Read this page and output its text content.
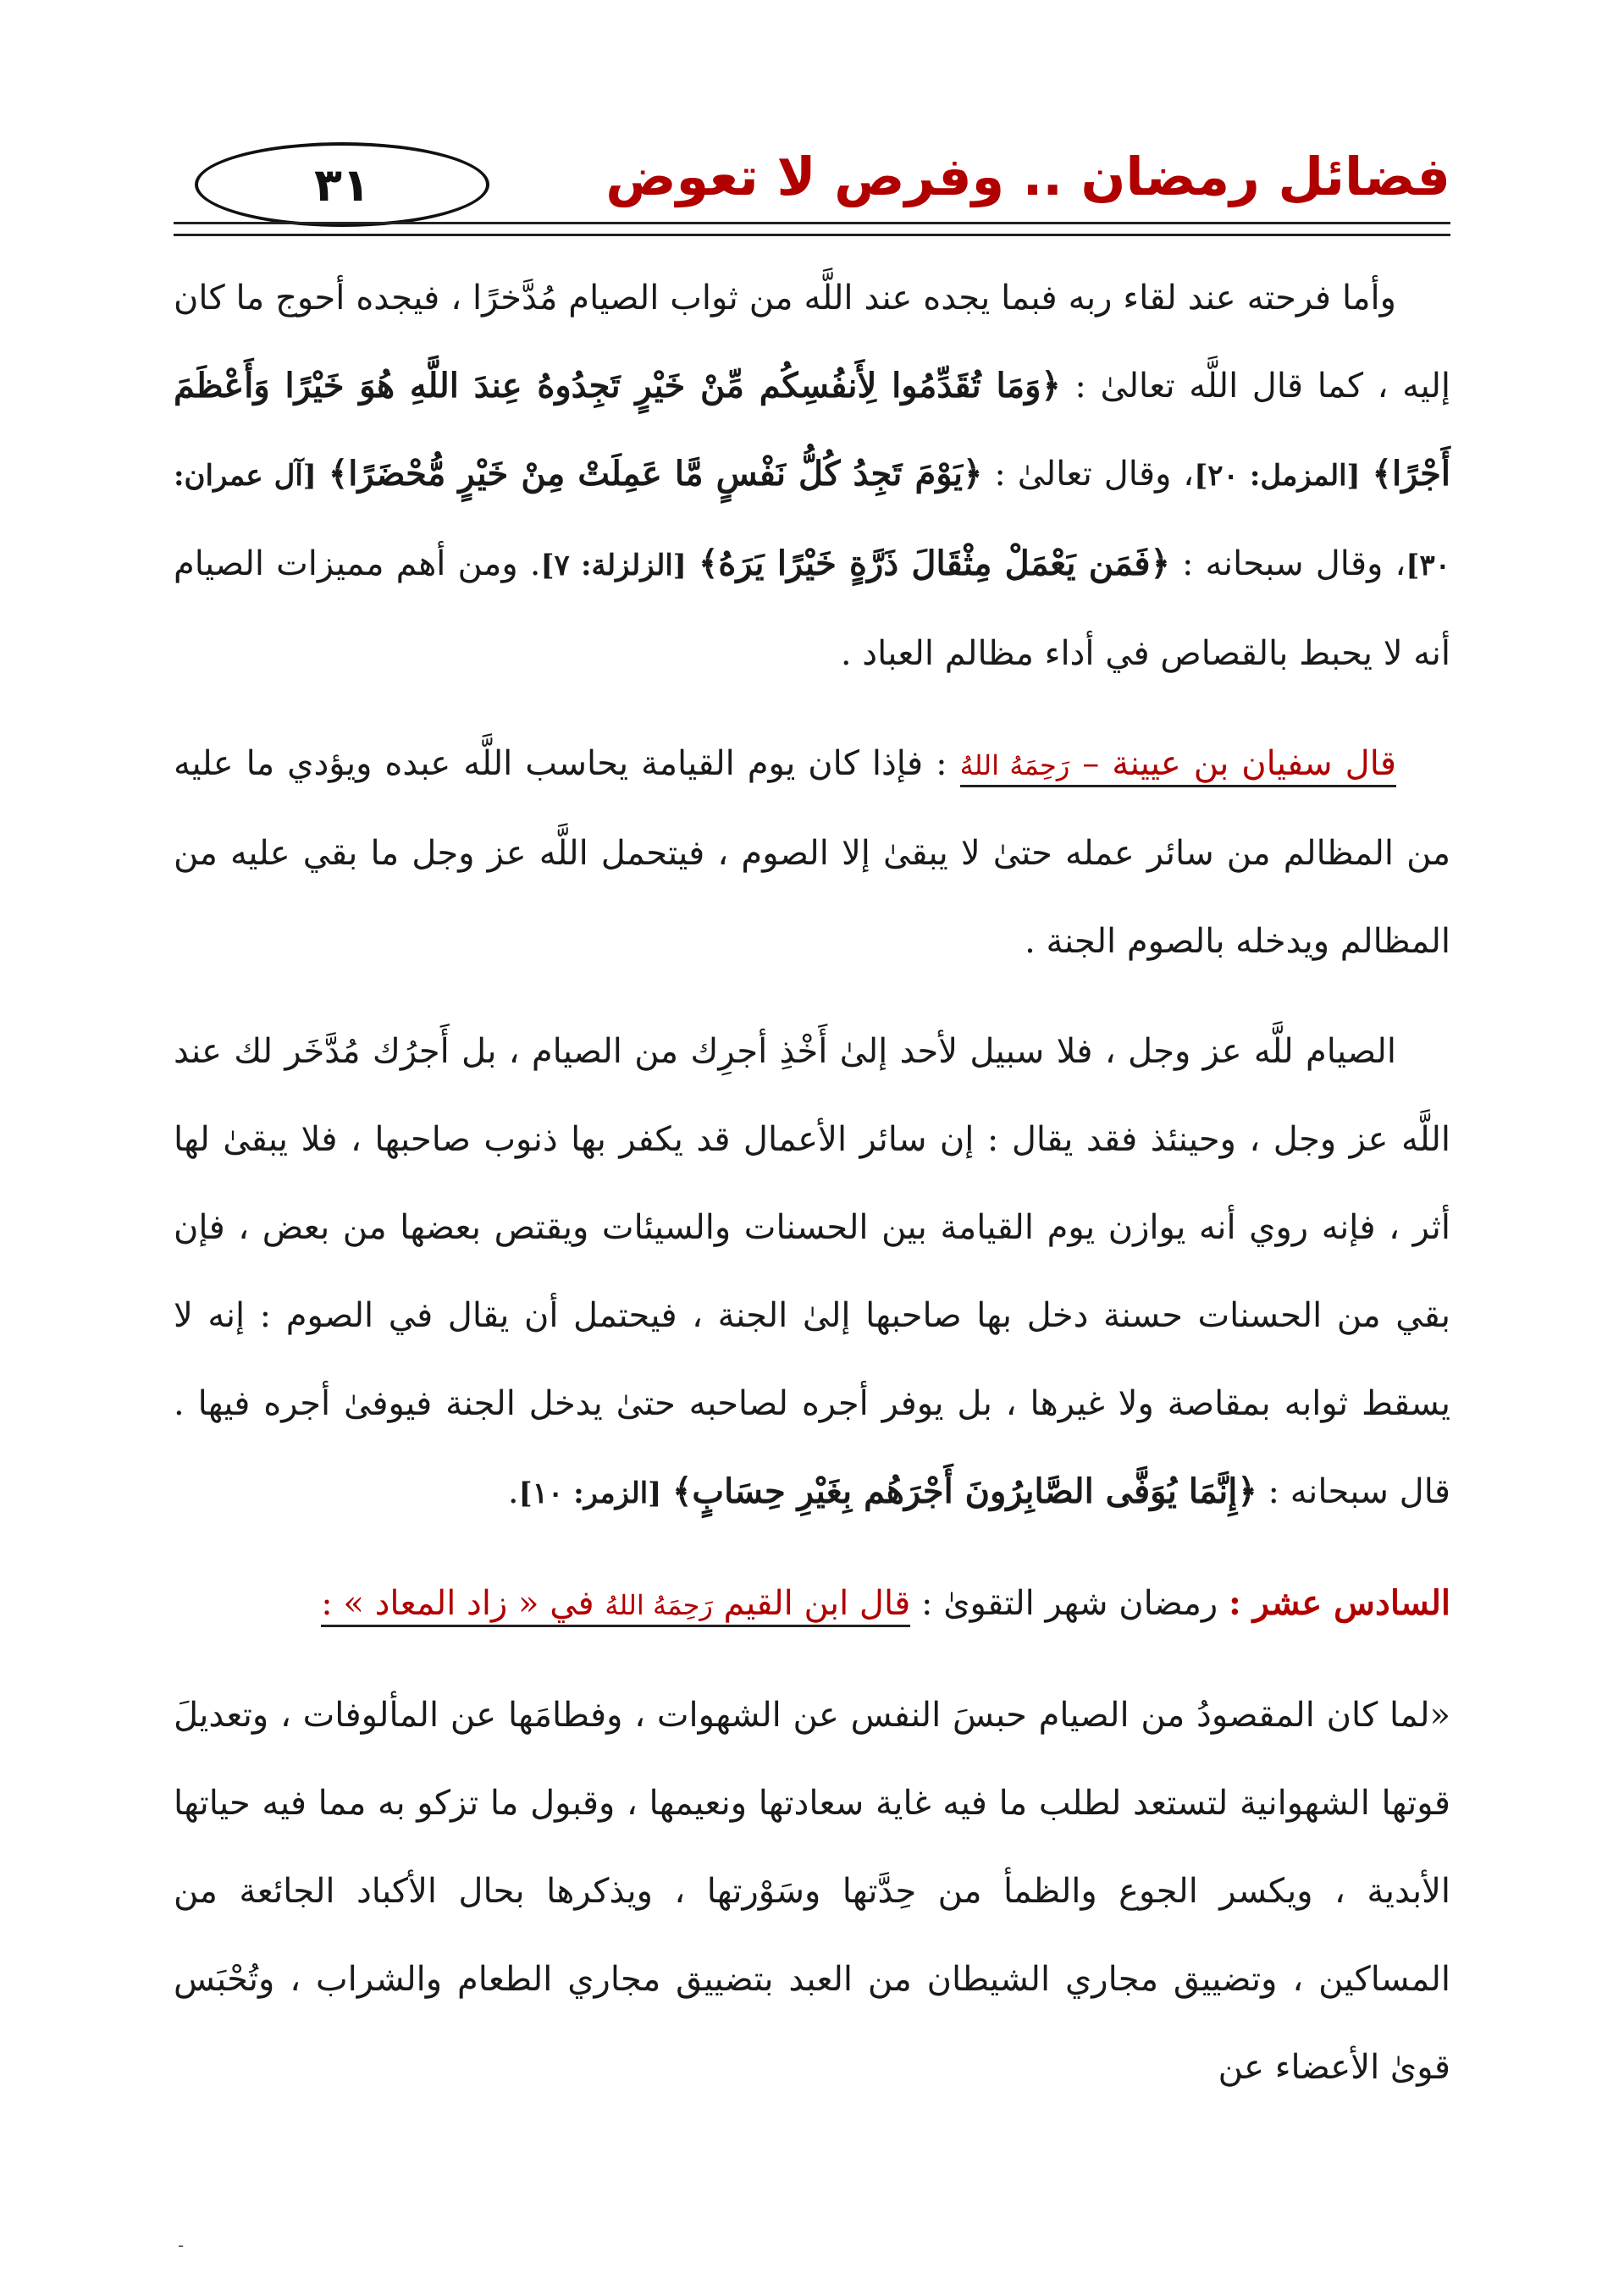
٣١	فضائل رمضان .. وفرص لا تعوض

وأما فرحته عند لقاء ربه فبما يجده عند اللَّه من ثواب الصيام مُدَّخرًا ، فيجده أحوج ما كان إليه ، كما قال اللَّه تعالىٰ : ﴿وَمَا تُقَدِّمُوا لِأَنفُسِكُم مِّنْ خَيْرٍ تَجِدُوهُ عِندَ اللَّهِ هُوَ خَيْرًا وَأَعْظَمَ أَجْرًا﴾ [المزمل: ٢٠]، وقال تعالىٰ : ﴿يَوْمَ تَجِدُ كُلُّ نَفْسٍ مَّا عَمِلَتْ مِنْ خَيْرٍ مُّحْضَرًا﴾ [آل عمران: ٣٠]، وقال سبحانه : ﴿فَمَن يَعْمَلْ مِثْقَالَ ذَرَّةٍ خَيْرًا يَرَهُ﴾ [الزلزلة: ٧]. ومن أهم مميزات الصيام أنه لا يحبط بالقصاص في أداء مظالم العباد .

قال سفيان بن عيينة – رَحِمَهُ اللهُ : فإذا كان يوم القيامة يحاسب اللَّه عبده ويؤدي ما عليه من المظالم من سائر عمله حتىٰ لا يبقىٰ إلا الصوم ، فيتحمل اللَّه عز وجل ما بقي عليه من المظالم ويدخله بالصوم الجنة .

الصيام للَّه عز وجل ، فلا سبيل لأحد إلىٰ أَخْذِ أجرِك من الصيام ، بل أَجرُك مُدَّخَر لك عند اللَّه عز وجل ، وحينئذ فقد يقال : إن سائر الأعمال قد يكفر بها ذنوب صاحبها ، فلا يبقىٰ لها أثر ، فإنه روي أنه يوازن يوم القيامة بين الحسنات والسيئات ويقتص بعضها من بعض ، فإن بقي من الحسنات حسنة دخل بها صاحبها إلىٰ الجنة ، فيحتمل أن يقال في الصوم : إنه لا يسقط ثوابه بمقاصة ولا غيرها ، بل يوفر أجره لصاحبه حتىٰ يدخل الجنة فيوفىٰ أجره فيها . قال سبحانه : ﴿إِنَّمَا يُوَفَّى الصَّابِرُونَ أَجْرَهُم بِغَيْرِ حِسَابٍ﴾ [الزمر: ١٠].

السادس عشر : رمضان شهر التقوىٰ : قال ابن القيم رَحِمَهُ اللهُ في « زاد المعاد » :

«لما كان المقصودُ من الصيام حبسَ النفس عن الشهوات ، وفطامَها عن المألوفات ، وتعديلَ قوتها الشهوانية لتستعد لطلب ما فيه غاية سعادتها ونعيمها ، وقبول ما تزكو به مما فيه حياتها الأبدية ، ويكسر الجوع والظمأ من حِدَّتها وسَوْرتها ، ويذكرها بحال الأكباد الجائعة من المساكين ، وتضييق مجاري الشيطان من العبد بتضييق مجاري الطعام والشراب ، وتُحْبَس قوىٰ الأعضاء عن

-
